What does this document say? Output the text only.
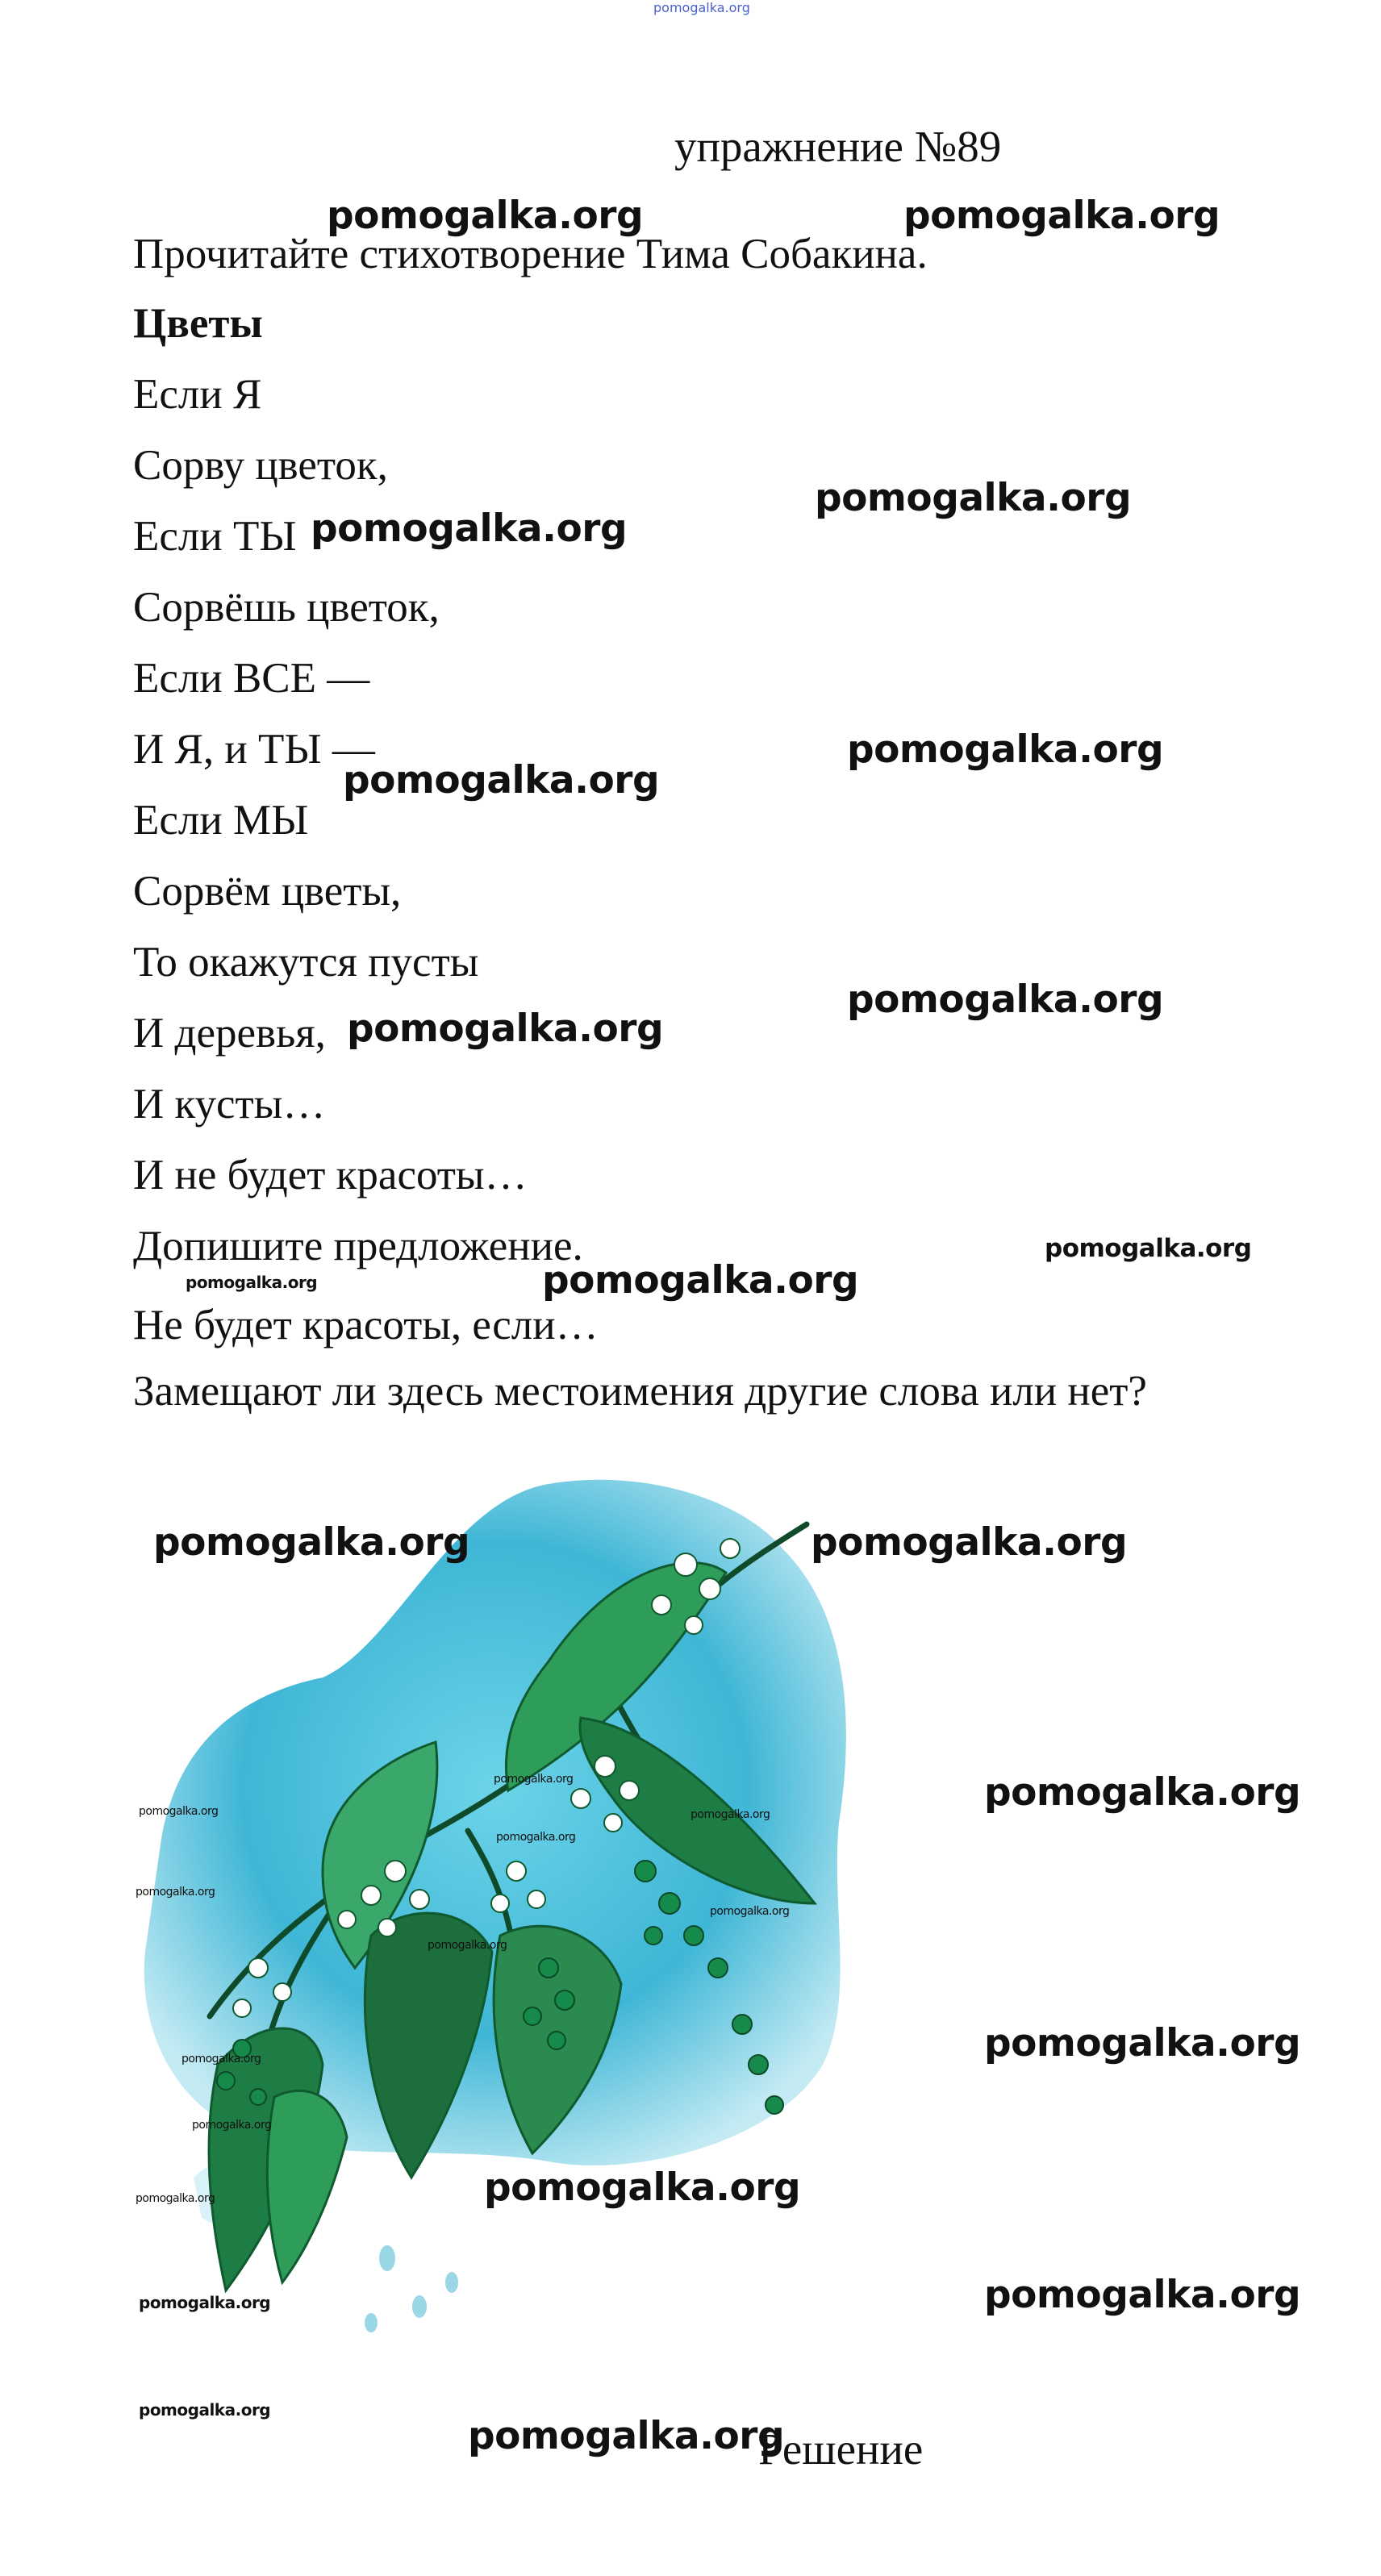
pomogalka.org
упражнение №89
Прочитайте стихотворение Тима Собакина.
Цветы
Если Я
Сорву цветок,
Если ТЫ
Сорвёшь цветок,
Если ВСЕ —
И Я, и ТЫ —
Если МЫ
Сорвём цветы,
То окажутся пусты
И деревья,
И кусты…
И не будет красоты…
Допишите предложение.
Не будет красоты, если…
Замещают ли здесь местоимения другие слова или нет?
pomogalka.org	pomogalka.org
pomogalka.org
pomogalka.org
pomogalka.org
pomogalka.org
pomogalka.org
pomogalka.org
pomogalka.org
pomogalka.org	pomogalka.org
pomogalka.org	pomogalka.org
pomogalka.org
pomogalka.org
pomogalka.org
pomogalka.org
pomogalka.org
pomogalka.org
pomogalka.org
pomogalka.org
pomogalka.org
pomogalka.org
pomogalka.org
pomogalka.org
pomogalka.org
pomogalka.org
pomogalka.org
pomogalka.org
pomogalka.org
Решение
